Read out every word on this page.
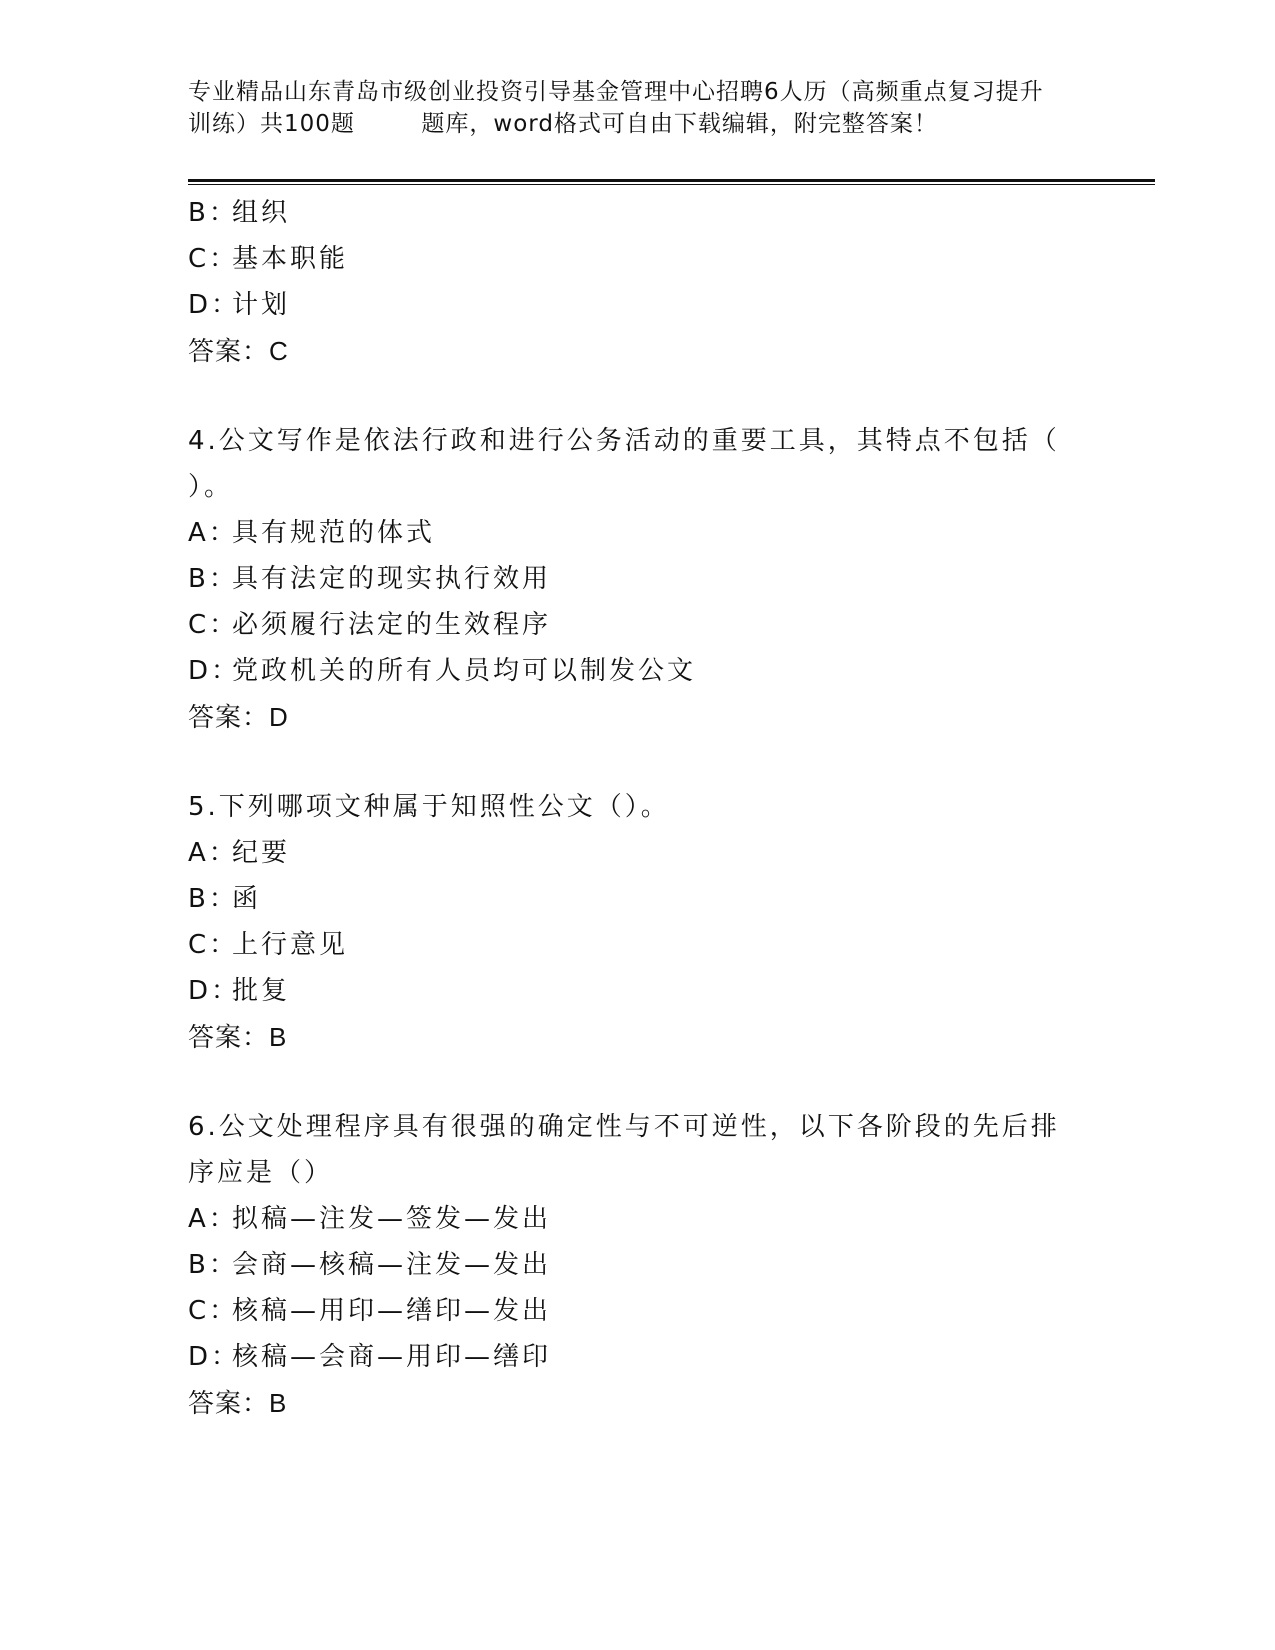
专业精品山东青岛市级创业投资引导基金管理中心招聘6人历（高频重点复习提升
训练）共100题        题库，word格式可自由下载编辑，附完整答案！
B：组织
C：基本职能
D：计划
答案：C
4.公文写作是依法行政和进行公务活动的重要工具，其特点不包括（
）。
A：具有规范的体式
B：具有法定的现实执行效用
C：必须履行法定的生效程序
D：党政机关的所有人员均可以制发公文
答案：D
5.下列哪项文种属于知照性公文（）。
A：纪要
B：函
C：上行意见
D：批复
答案：B
6.公文处理程序具有很强的确定性与不可逆性，以下各阶段的先后排
序应是（）
A：拟稿—注发—签发—发出
B：会商—核稿—注发—发出
C：核稿—用印—缮印—发出
D：核稿—会商—用印—缮印
答案：B
